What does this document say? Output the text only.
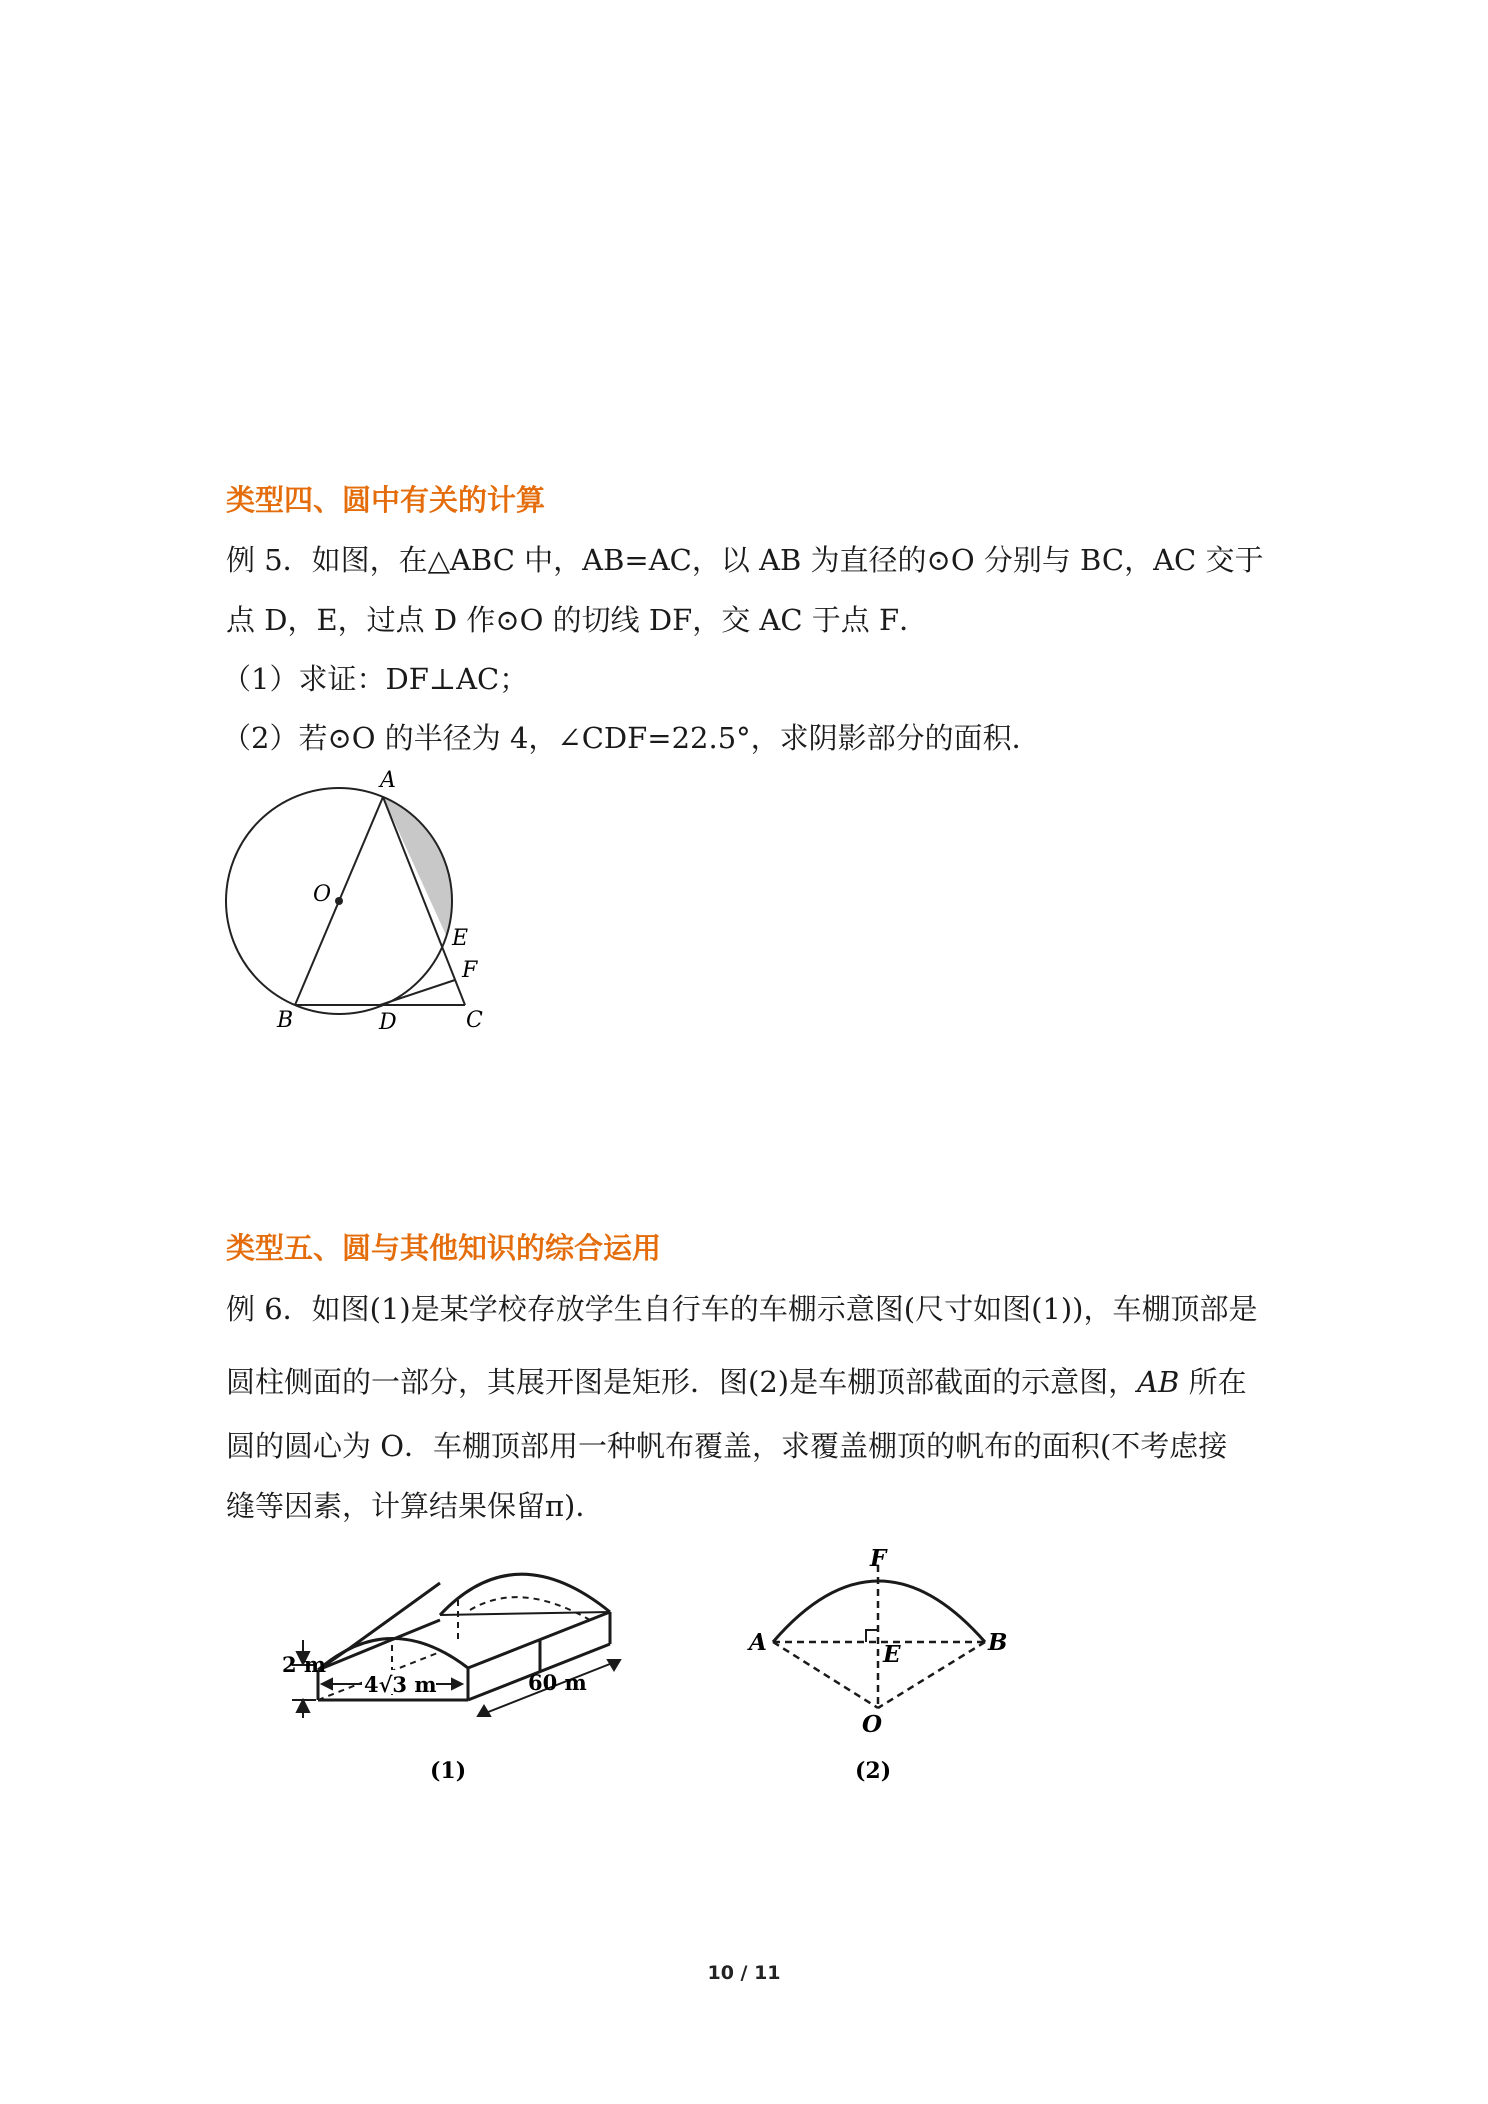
类型四、圆中有关的计算
例 5．如图，在△ABC 中，AB=AC，以 AB 为直径的⊙O 分别与 BC，AC 交于
点 D，E，过点 D 作⊙O 的切线 DF，交 AC 于点 F．
（1）求证：DF⊥AC；
（2）若⊙O 的半径为 4，∠CDF=22.5°，求阴影部分的面积．
A
O
E
F
B	D	C
类型五、圆与其他知识的综合运用
例 6．如图(1)是某学校存放学生自行车的车棚示意图(尺寸如图(1))，车棚顶部是
圆柱侧面的一部分，其展开图是矩形．图(2)是车棚顶部截面的示意图，AB 所在
圆的圆心为 O．车棚顶部用一种帆布覆盖，求覆盖棚顶的帆布的面积(不考虑接
缝等因素，计算结果保留π)．
2 m
4√3 m	60 m
(1)
F
A	E	B
O
(2)
10 / 11
